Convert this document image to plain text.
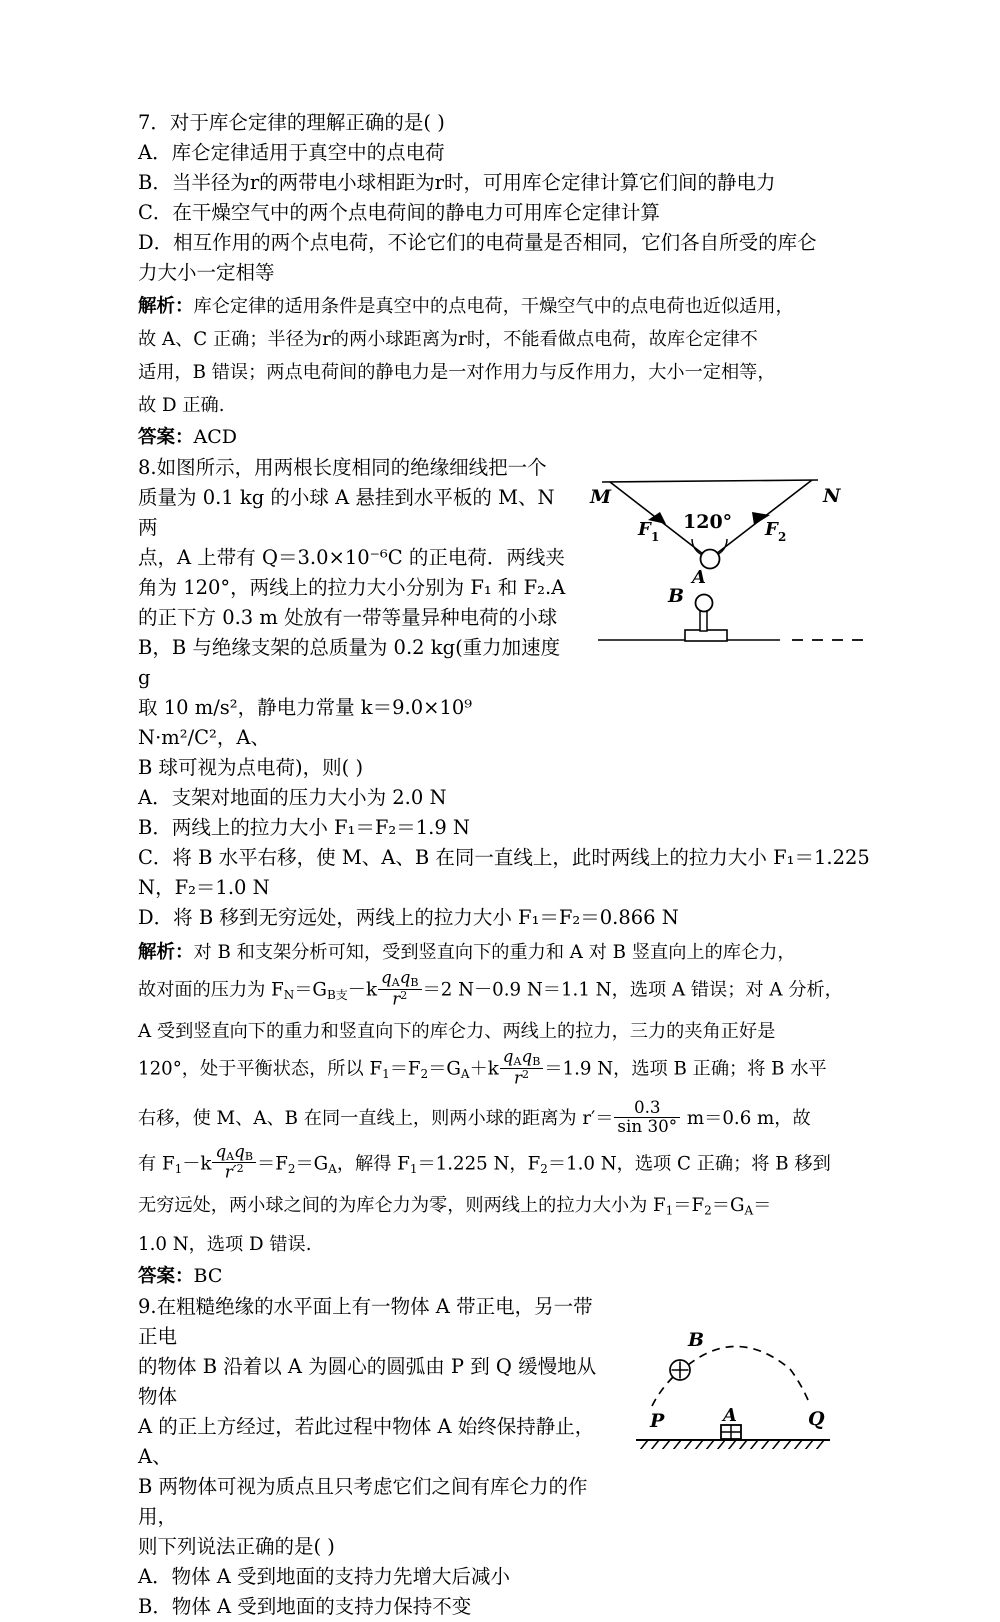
7．对于库仑定律的理解正确的是( )
A．库仑定律适用于真空中的点电荷
B．当半径为r的两带电小球相距为r时，可用库仑定律计算它们间的静电力
C．在干燥空气中的两个点电荷间的静电力可用库仑定律计算
D．相互作用的两个点电荷，不论它们的电荷量是否相同，它们各自所受的库仑
力大小一定相等
解析：库仑定律的适用条件是真空中的点电荷，干燥空气中的点电荷也近似适用，
故 A、C 正确；半径为r的两小球距离为r时，不能看做点电荷，故库仑定律不
适用，B 错误；两点电荷间的静电力是一对作用力与反作用力，大小一定相等，
故 D 正确.
答案：ACD
M	N
F 1	F 2
120°
A
B
8.如图所示，用两根长度相同的绝缘细线把一个
质量为 0.1 kg 的小球 A 悬挂到水平板的 M、N 两
点，A 上带有 Q＝3.0×10⁻⁶C 的正电荷．两线夹
角为 120°，两线上的拉力大小分别为 F₁ 和 F₂.A
的正下方 0.3 m 处放有一带等量异种电荷的小球
B，B 与绝缘支架的总质量为 0.2 kg(重力加速度 g
取 10 m/s²，静电力常量 k＝9.0×10⁹ N·m²/C²，A、
B 球可视为点电荷)，则( )
A．支架对地面的压力大小为 2.0 N
B．两线上的拉力大小 F₁＝F₂＝1.9 N
C．将 B 水平右移，使 M、A、B 在同一直线上，此时两线上的拉力大小 F₁＝1.225
N，F₂＝1.0 N
D．将 B 移到无穷远处，两线上的拉力大小 F₁＝F₂＝0.866 N
解析：对 B 和支架分析可知，受到竖直向下的重力和 A 对 B 竖直向上的库仑力，
故对面的压力为 $F_N=G_{B支}-k \frac{q_Aq_B}{r^2} =2$ N－0.9 N＝1.1 N，选项 A 错误；对 A 分析，
A 受到竖直向下的重力和竖直向下的库仑力、两线上的拉力，三力的夹角正好是
120°，处于平衡状态，所以 $F_1=F_2=G_A+k \frac{q_Aq_B}{r^2} =1.9$ N，选项 B 正确；将 B 水平
右移，使 M、A、B 在同一直线上，则两小球的距离为 $r'= \frac{0.3}{\sin 30^\circ} m=0.6$ m，故
有 $F_1-k \frac{q_Aq_B}{r'^2} =F_2=G_A$，解得 $F_1=1.225$ N，$F_2=1.0$ N，选项 C 正确；将 B 移到
无穷远处，两小球之间的为库仑力为零，则两线上的拉力大小为 $F_1=F_2=G_A=$
1.0 N，选项 D 错误.
答案：BC
B
P	Q
A
9.在粗糙绝缘的水平面上有一物体 A 带正电，另一带正电
的物体 B 沿着以 A 为圆心的圆弧由 P 到 Q 缓慢地从物体
A 的正上方经过，若此过程中物体 A 始终保持静止，A、
B 两物体可视为质点且只考虑它们之间有库仑力的作用，
则下列说法正确的是( )
A．物体 A 受到地面的支持力先增大后减小
B．物体 A 受到地面的支持力保持不变
